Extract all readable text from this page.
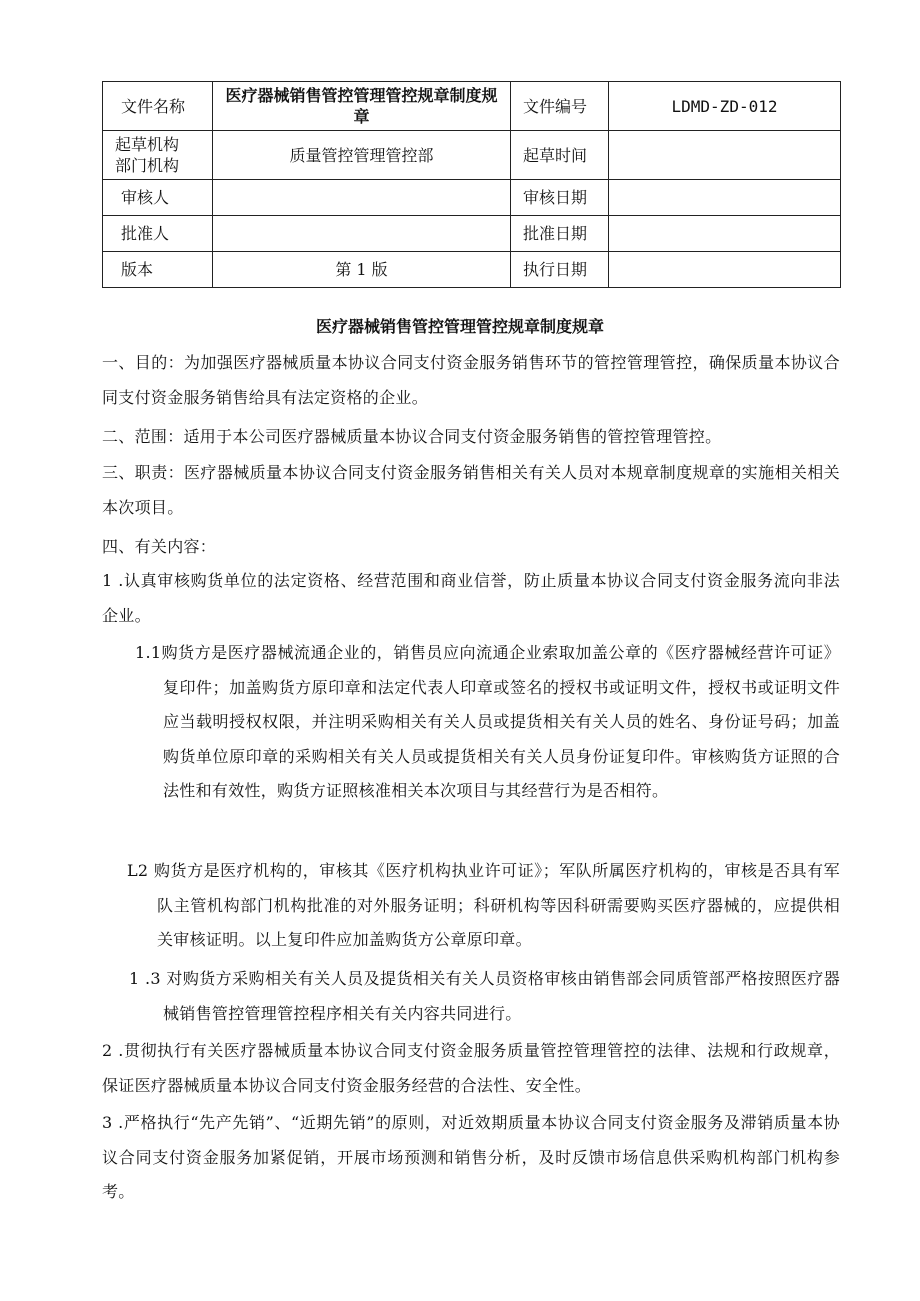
文件名称	医疗器械销售管控管理管控规章制度规章	文件编号	LDMD-ZD-012
起草机构部门机构	质量管控管理管控部	起草时间	
审核人		审核日期	
批准人		批准日期	
版本	第 1 版	执行日期	
医疗器械销售管控管理管控规章制度规章
一、目的：为加强医疗器械质量本协议合同支付资金服务销售环节的管控管理管控，确保质量本协议合同支付资金服务销售给具有法定资格的企业。
二、范围：适用于本公司医疗器械质量本协议合同支付资金服务销售的管控管理管控。
三、职责：医疗器械质量本协议合同支付资金服务销售相关有关人员对本规章制度规章的实施相关相关本次项目。
四、有关内容：
1 .认真审核购货单位的法定资格、经营范围和商业信誉，防止质量本协议合同支付资金服务流向非法企业。
1.1购货方是医疗器械流通企业的，销售员应向流通企业索取加盖公章的《医疗器械经营许可证》复印件；加盖购货方原印章和法定代表人印章或签名的授权书或证明文件，授权书或证明文件应当载明授权权限，并注明采购相关有关人员或提货相关有关人员的姓名、身份证号码；加盖购货单位原印章的采购相关有关人员或提货相关有关人员身份证复印件。审核购货方证照的合法性和有效性，购货方证照核准相关本次项目与其经营行为是否相符。
L2 购货方是医疗机构的，审核其《医疗机构执业许可证》；军队所属医疗机构的，审核是否具有军队主管机构部门机构批准的对外服务证明；科研机构等因科研需要购买医疗器械的，应提供相关审核证明。以上复印件应加盖购货方公章原印章。
1 .3 对购货方采购相关有关人员及提货相关有关人员资格审核由销售部会同质管部严格按照医疗器械销售管控管理管控程序相关有关内容共同进行。
2 .贯彻执行有关医疗器械质量本协议合同支付资金服务质量管控管理管控的法律、法规和行政规章，保证医疗器械质量本协议合同支付资金服务经营的合法性、安全性。
3 .严格执行“先产先销”、“近期先销”的原则，对近效期质量本协议合同支付资金服务及滞销质量本协议合同支付资金服务加紧促销，开展市场预测和销售分析，及时反馈市场信息供采购机构部门机构参考。
